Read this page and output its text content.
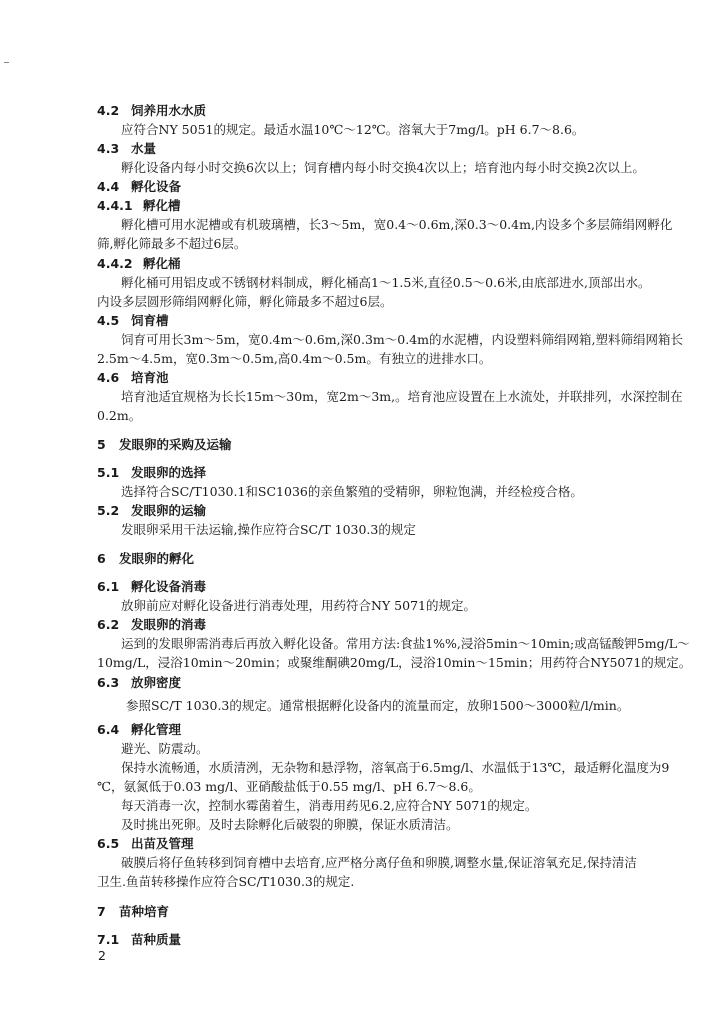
4.2 饲养用水水质
应符合NY 5051的规定。最适水温10℃～12℃。溶氧大于7mg/l。pH 6.7～8.6。
4.3 水量
孵化设备内每小时交换6次以上；饲育槽内每小时交换4次以上；培育池内每小时交换2次以上。
4.4 孵化设备
4.4.1 孵化槽
孵化槽可用水泥槽或有机玻璃槽，长3～5m，宽0.4～0.6m,深0.3～0.4m,内设多个多层筛绢网孵化
筛,孵化筛最多不超过6层。
4.4.2 孵化桶
孵化桶可用铝皮或不锈钢材料制成，孵化桶高1～1.5米,直径0.5～0.6米,由底部进水,顶部出水。
内设多层圆形筛绢网孵化筛，孵化筛最多不超过6层。
4.5 饲育槽
饲育可用长3m～5m，宽0.4m～0.6m,深0.3m～0.4m的水泥槽，内设塑料筛绢网箱,塑料筛绢网箱长
2.5m～4.5m，宽0.3m～0.5m,高0.4m～0.5m。有独立的进排水口。
4.6 培育池
培育池适宜规格为长长15m～30m，宽2m～3m,。培育池应设置在上水流处，并联排列，水深控制在
0.2m。
5 发眼卵的采购及运输
5.1 发眼卵的选择
选择符合SC/T1030.1和SC1036的亲鱼繁殖的受精卵，卵粒饱满，并经检疫合格。
5.2 发眼卵的运输
发眼卵采用干法运输,操作应符合SC/T 1030.3的规定
6 发眼卵的孵化
6.1 孵化设备消毒
放卵前应对孵化设备进行消毒处理，用药符合NY 5071的规定。
6.2 发眼卵的消毒
运到的发眼卵需消毒后再放入孵化设备。常用方法:食盐1%%,浸浴5min～10min;或高锰酸钾5mg/L～
10mg/L，浸浴10min～20min；或聚维酮碘20mg/L，浸浴10min～15min；用药符合NY5071的规定。
6.3 放卵密度
参照SC/T 1030.3的规定。通常根据孵化设备内的流量而定，放卵1500～3000粒/l/min。
6.4 孵化管理
避光、防震动。
保持水流畅通，水质清洌，无杂物和悬浮物，溶氧高于6.5mg/l、水温低于13℃，最适孵化温度为9
℃，氨氮低于0.03 mg/l、亚硝酸盐低于0.55 mg/l、pH 6.7～8.6。
每天消毒一次，控制水霉菌着生，消毒用药见6.2,应符合NY 5071的规定。
及时挑出死卵。及时去除孵化后破裂的卵膜，保证水质清洁。
6.5 出苗及管理
破膜后将仔鱼转移到饲育槽中去培育,应严格分离仔鱼和卵膜,调整水量,保证溶氧充足,保持清洁
卫生.鱼苗转移操作应符合SC/T1030.3的规定.
7 苗种培育
7.1 苗种质量
2
